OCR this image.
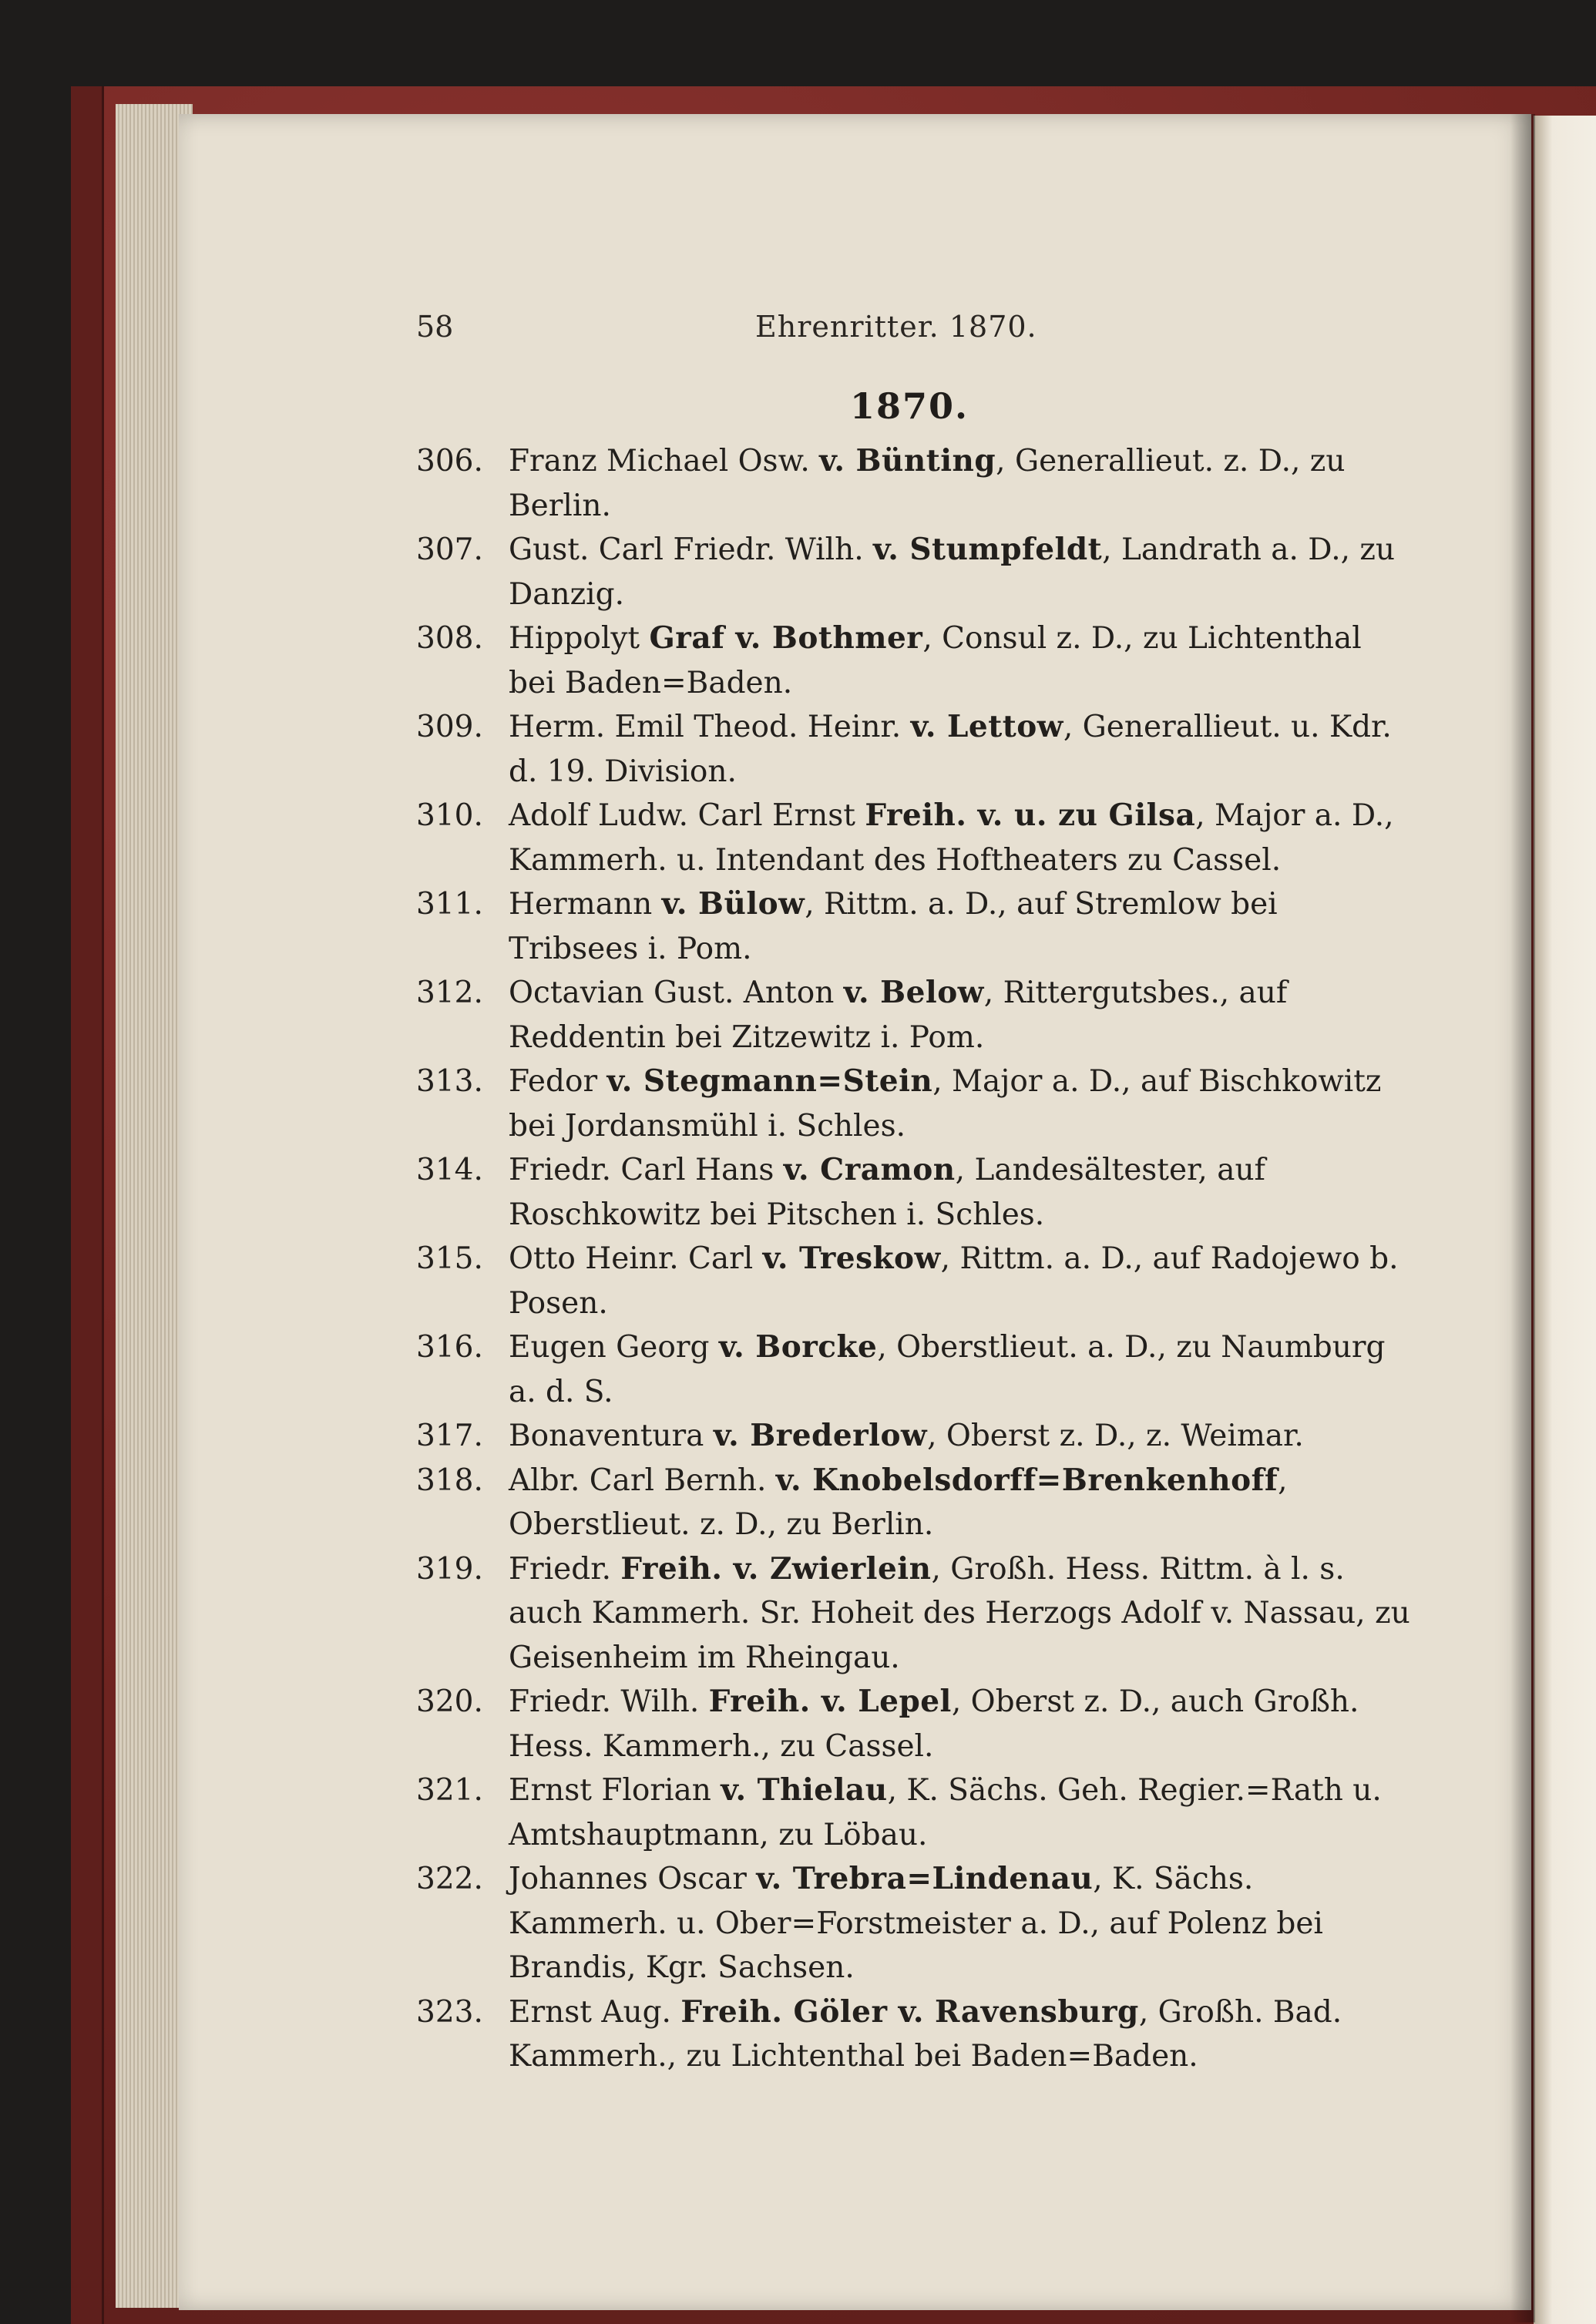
58	Ehrenritter. 1870.
1870.
306. Franz Michael Osw. v. Bünting, Generallieut. z. D., zu Berlin.
307. Gust. Carl Friedr. Wilh. v. Stumpfeldt, Landrath a. D., zu Danzig.
308. Hippolyt Graf v. Bothmer, Consul z. D., zu Lichtenthal bei Baden=Baden.
309. Herm. Emil Theod. Heinr. v. Lettow, Generallieut. u. Kdr. d. 19. Division.
310. Adolf Ludw. Carl Ernst Freih. v. u. zu Gilsa, Major a. D., Kammerh. u. Intendant des Hoftheaters zu Cassel.
311. Hermann v. Bülow, Rittm. a. D., auf Stremlow bei Tribsees i. Pom.
312. Octavian Gust. Anton v. Below, Rittergutsbes., auf Reddentin bei Zitzewitz i. Pom.
313. Fedor v. Stegmann=Stein, Major a. D., auf Bischkowitz bei Jordansmühl i. Schles.
314. Friedr. Carl Hans v. Cramon, Landesältester, auf Roschkowitz bei Pitschen i. Schles.
315. Otto Heinr. Carl v. Treskow, Rittm. a. D., auf Radojewo b. Posen.
316. Eugen Georg v. Borcke, Oberstlieut. a. D., zu Naumburg a. d. S.
317. Bonaventura v. Brederlow, Oberst z. D., z. Weimar.
318. Albr. Carl Bernh. v. Knobelsdorff=Brenkenhoff, Oberstlieut. z. D., zu Berlin.
319. Friedr. Freih. v. Zwierlein, Großh. Hess. Rittm. à l. s. auch Kammerh. Sr. Hoheit des Herzogs Adolf v. Nassau, zu Geisenheim im Rheingau.
320. Friedr. Wilh. Freih. v. Lepel, Oberst z. D., auch Großh. Hess. Kammerh., zu Cassel.
321. Ernst Florian v. Thielau, K. Sächs. Geh. Regier.=Rath u. Amtshauptmann, zu Löbau.
322. Johannes Oscar v. Trebra=Lindenau, K. Sächs. Kammerh. u. Ober=Forstmeister a. D., auf Polenz bei Brandis, Kgr. Sachsen.
323. Ernst Aug. Freih. Göler v. Ravensburg, Großh. Bad. Kammerh., zu Lichtenthal bei Baden=Baden.
